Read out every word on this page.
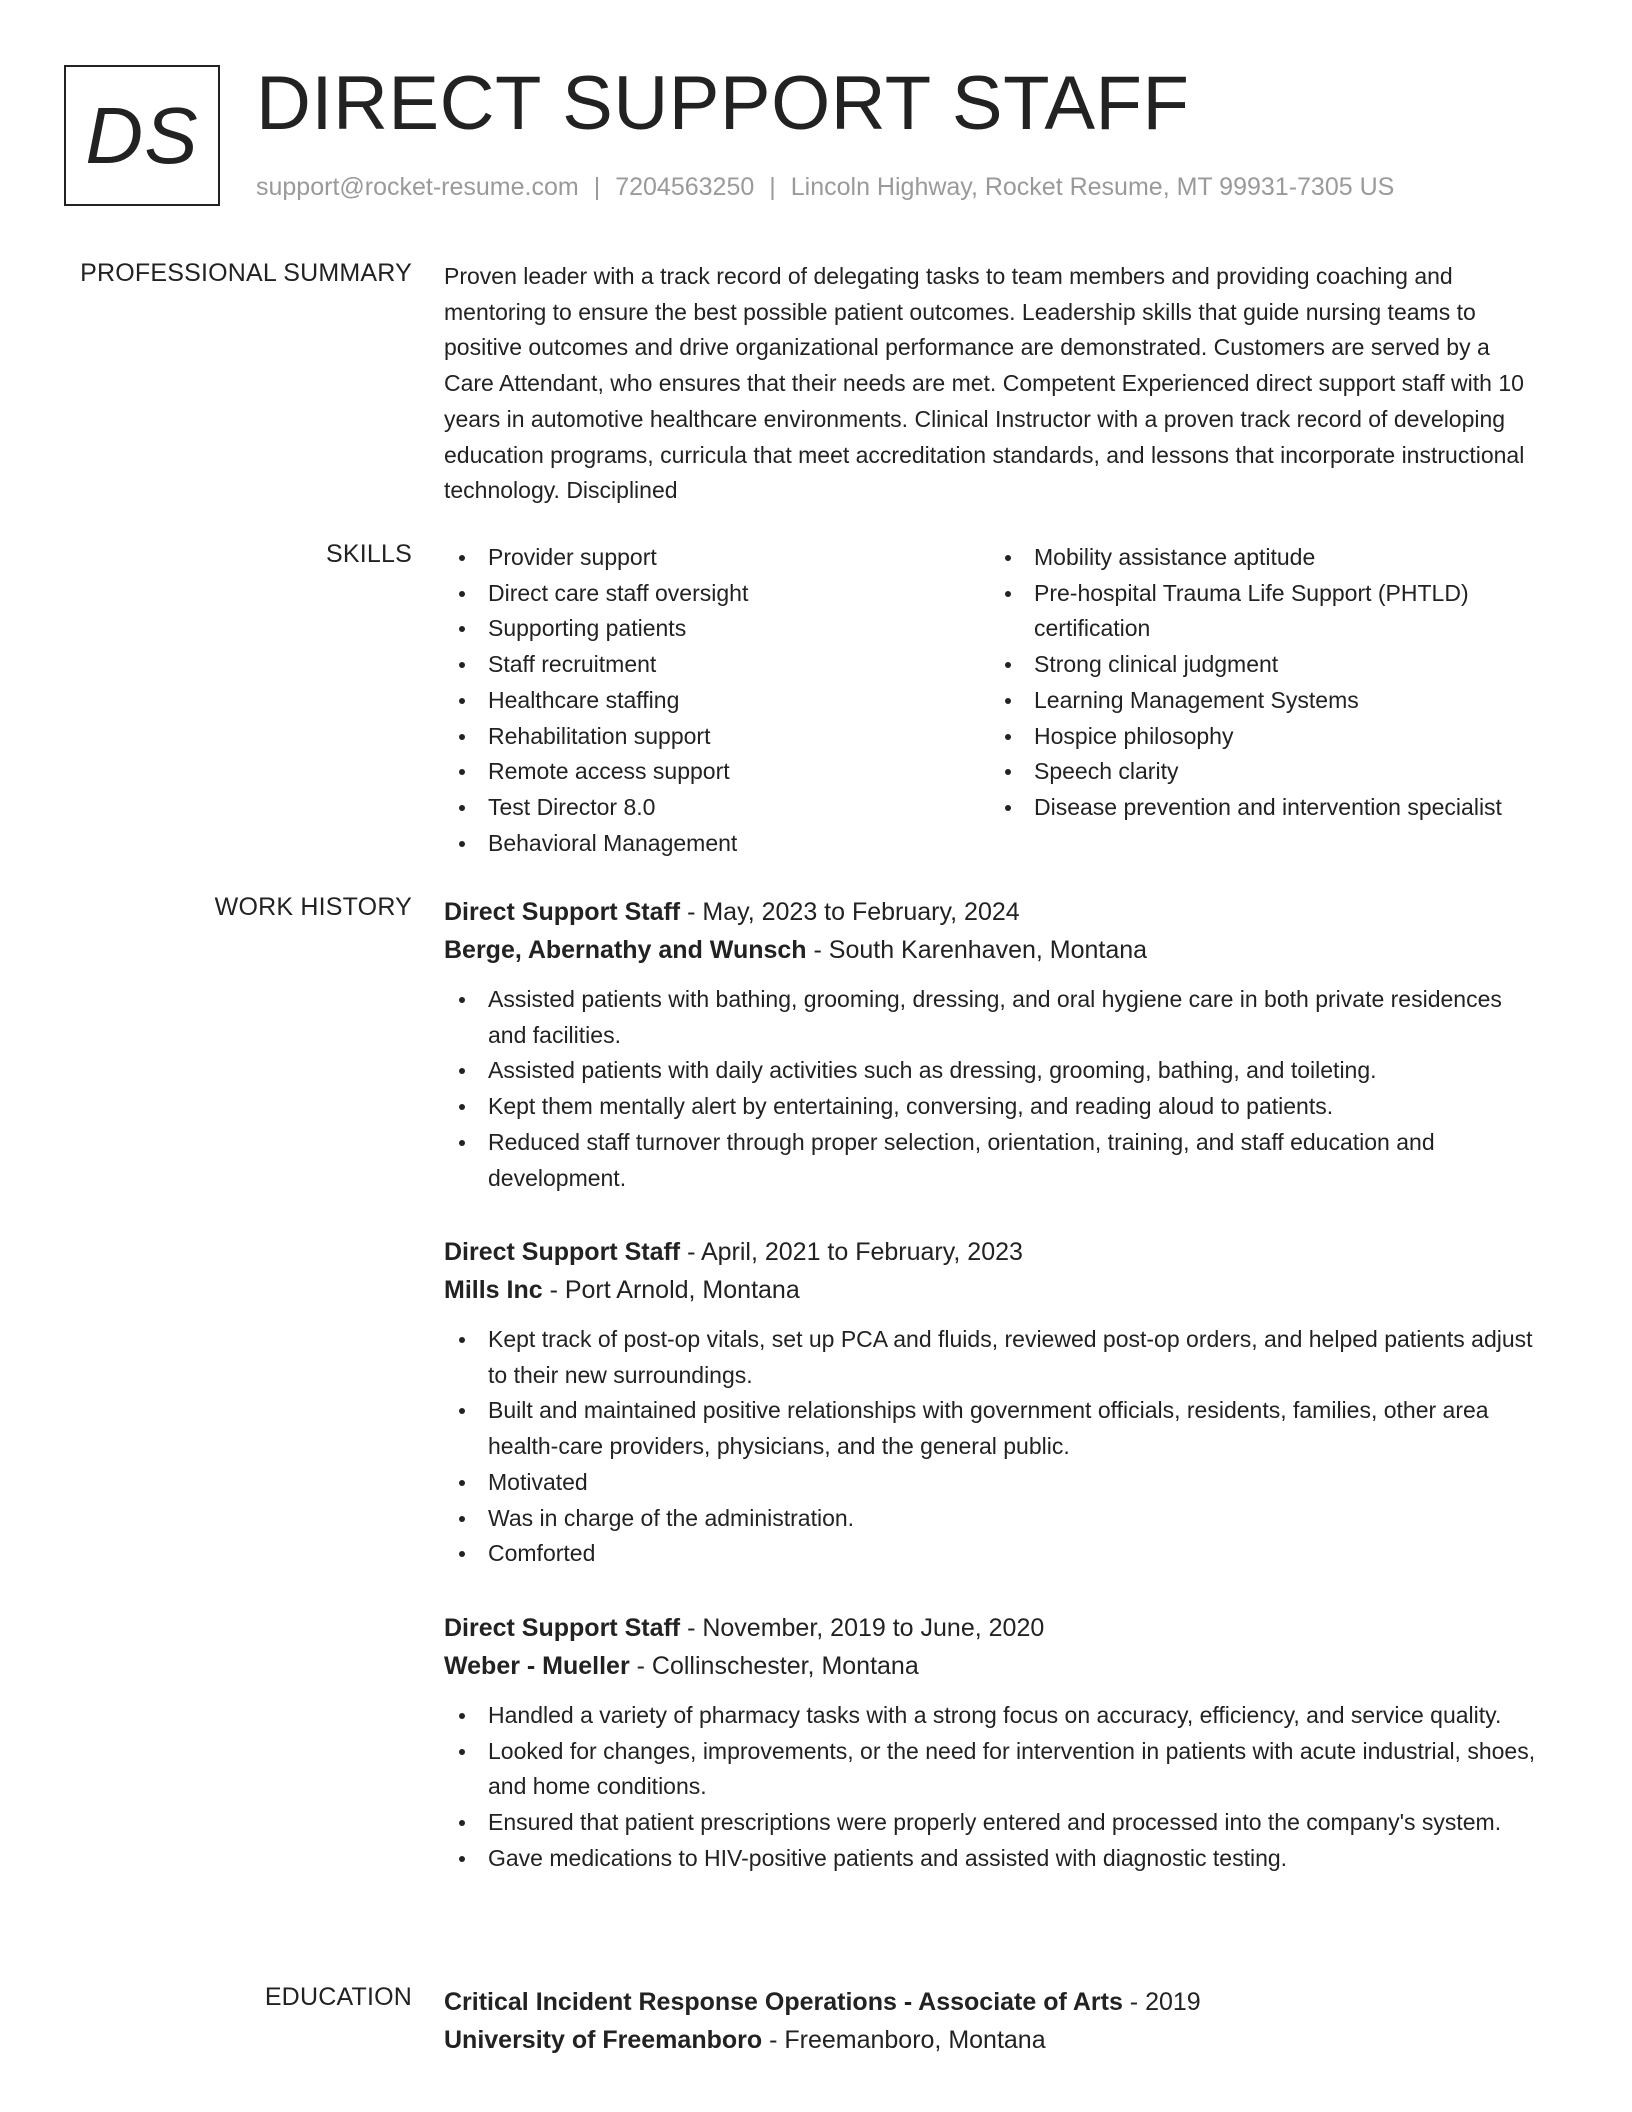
DS DIRECT SUPPORT STAFF
support@rocket-resume.com | 7204563250 | Lincoln Highway, Rocket Resume, MT 99931-7305 US
PROFESSIONAL SUMMARY Proven leader with a track record of delegating tasks to team members and providing coaching and mentoring to ensure the best possible patient outcomes. Leadership skills that guide nursing teams to positive outcomes and drive organizational performance are demonstrated. Customers are served by a Care Attendant, who ensures that their needs are met. Competent Experienced direct support staff with 10 years in automotive healthcare environments. Clinical Instructor with a proven track record of developing education programs, curricula that meet accreditation standards, and lessons that incorporate instructional technology. Disciplined

SKILLS	Provider support
Direct care staff oversight
Supporting patients
Staff recruitment
Healthcare staffing
Rehabilitation support
Remote access support
Test Director 8.0
Behavioral Management
Mobility assistance aptitude
Pre-hospital Trauma Life Support (PHTLD) certification
Strong clinical judgment
Learning Management Systems
Hospice philosophy
Speech clarity
Disease prevention and intervention specialist
WORK HISTORY Direct Support Staff - May, 2023 to February, 2024
Berge, Abernathy and Wunsch - South Karenhaven, Montana
Assisted patients with bathing, grooming, dressing, and oral hygiene care in both private residences and facilities.
Assisted patients with daily activities such as dressing, grooming, bathing, and toileting.
Kept them mentally alert by entertaining, conversing, and reading aloud to patients.
Reduced staff turnover through proper selection, orientation, training, and staff education and development.
Direct Support Staff - April, 2021 to February, 2023
Mills Inc - Port Arnold, Montana
Kept track of post-op vitals, set up PCA and fluids, reviewed post-op orders, and helped patients adjust to their new surroundings.
Built and maintained positive relationships with government officials, residents, families, other area health-care providers, physicians, and the general public.
Motivated
Was in charge of the administration.
Comforted
Direct Support Staff - November, 2019 to June, 2020
Weber - Mueller - Collinschester, Montana
Handled a variety of pharmacy tasks with a strong focus on accuracy, efficiency, and service quality.
Looked for changes, improvements, or the need for intervention in patients with acute industrial, shoes, and home conditions.
Ensured that patient prescriptions were properly entered and processed into the company's system.
Gave medications to HIV-positive patients and assisted with diagnostic testing.
EDUCATION Critical Incident Response Operations - Associate of Arts - 2019
University of Freemanboro - Freemanboro, Montana
